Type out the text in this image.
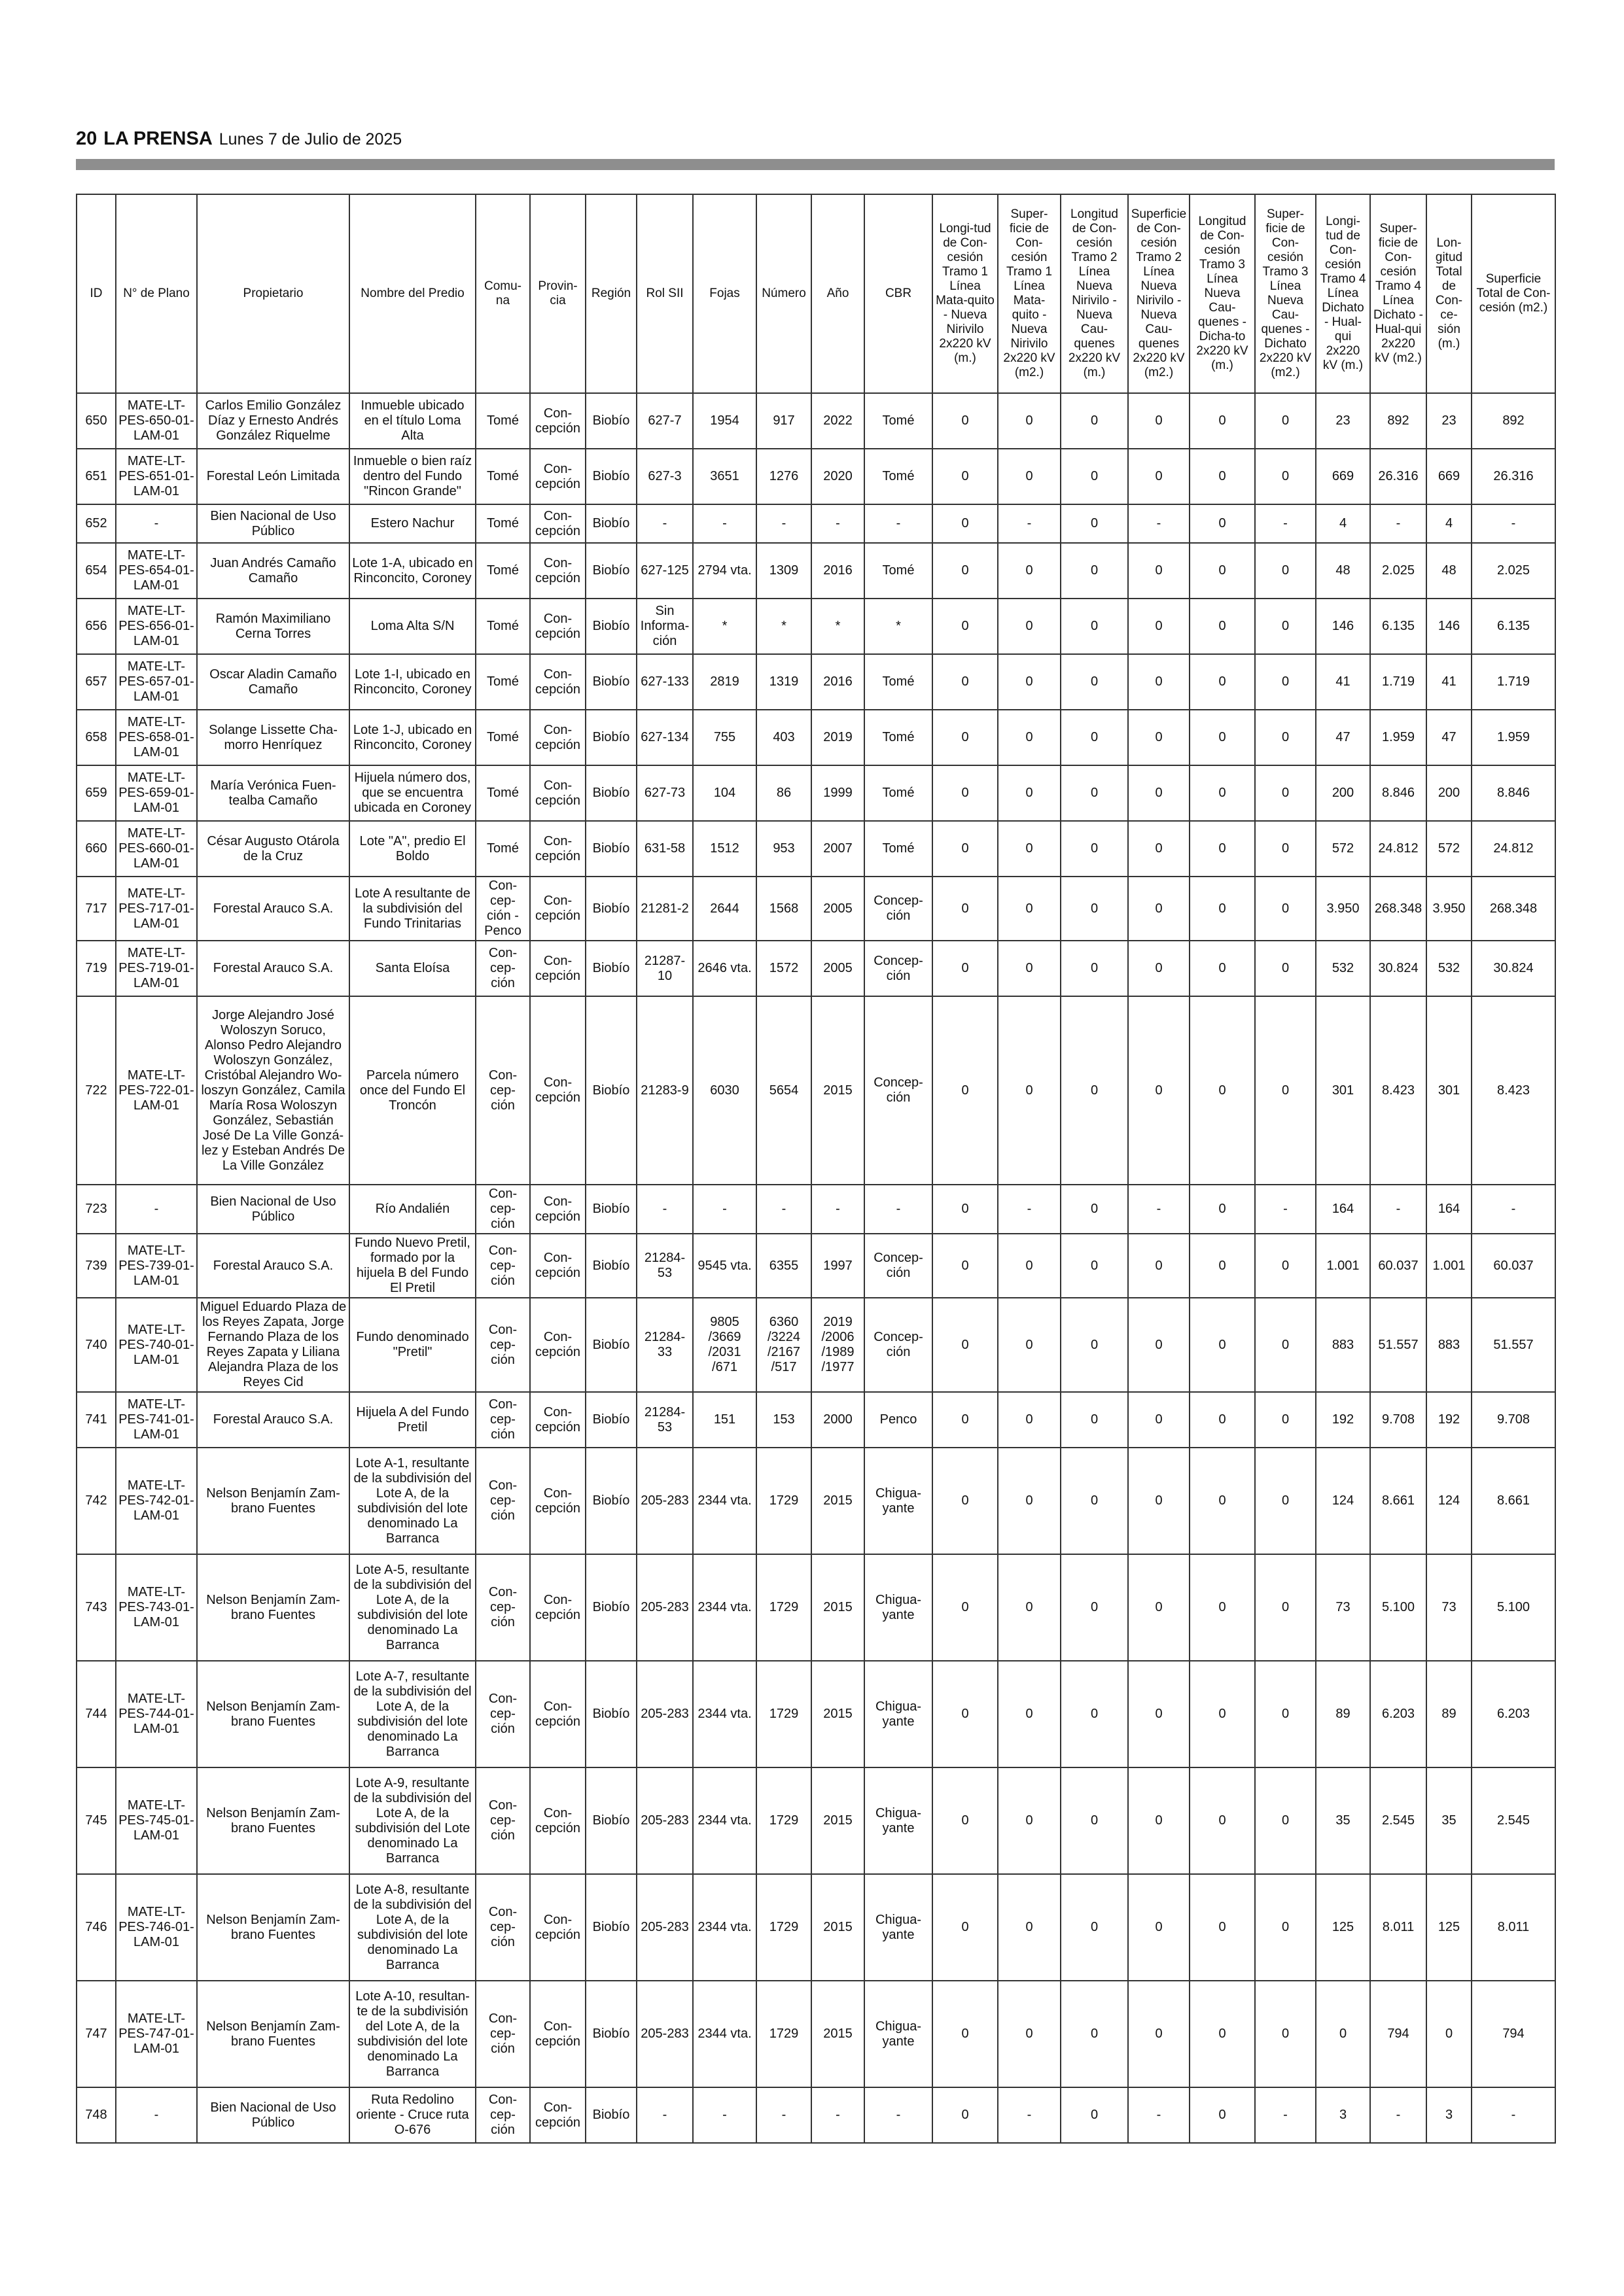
20 LA PRENSA Lunes 7 de Julio de 2025
ID	N° de Plano	Propietario	Nombre del Predio	Comu-na	Provin-cia	Región	Rol SII	Fojas	Número	Año	CBR	Longi-tud de Con-cesión Tramo 1 Línea Mata-quito - Nueva Nirivilo 2x220 kV (m.)	Super-ficie de Con-cesión Tramo 1 Línea Mata-quito - Nueva Nirivilo 2x220 kV (m2.)	Longitud de Con-cesión Tramo 2 Línea Nueva Nirivilo - Nueva Cau-quenes 2x220 kV (m.)	Superficie de Con-cesión Tramo 2 Línea Nueva Nirivilo - Nueva Cau-quenes 2x220 kV (m2.)	Longitud de Con-cesión Tramo 3 Línea Nueva Cau-quenes - Dicha-to 2x220 kV (m.)	Super-ficie de Con-cesión Tramo 3 Línea Nueva Cau-quenes - Dichato 2x220 kV (m2.)	Longi-tud de Con-cesión Tramo 4 Línea Dichato - Hual-qui 2x220 kV (m.)	Super-ficie de Con-cesión Tramo 4 Línea Dichato - Hual-qui 2x220 kV (m2.)	Lon-gitud Total de Con-ce-sión (m.)	Superficie Total de Con-cesión (m2.)
650	MATE-LT-PES-650-01-LAM-01	Carlos Emilio González Díaz y Ernesto Andrés González Riquelme	Inmueble ubicado en el título Loma Alta	Tomé	Con-cepción	Biobío	627-7	1954	917	2022	Tomé	0	0	0	0	0	0	23	892	23	892
651	MATE-LT-PES-651-01-LAM-01	Forestal León Limitada	Inmueble o bien raíz dentro del Fundo "Rincon Grande"	Tomé	Con-cepción	Biobío	627-3	3651	1276	2020	Tomé	0	0	0	0	0	0	669	26.316	669	26.316
652	-	Bien Nacional de Uso Público	Estero Nachur	Tomé	Con-cepción	Biobío	-	-	-	-	-	0	-	0	-	0	-	4	-	4	-
654	MATE-LT-PES-654-01-LAM-01	Juan Andrés Camaño Camaño	Lote 1-A, ubicado en Rinconcito, Coroney	Tomé	Con-cepción	Biobío	627-125	2794 vta.	1309	2016	Tomé	0	0	0	0	0	0	48	2.025	48	2.025
656	MATE-LT-PES-656-01-LAM-01	Ramón Maximiliano Cerna Torres	Loma Alta S/N	Tomé	Con-cepción	Biobío	Sin Informa-ción	*	*	*	*	0	0	0	0	0	0	146	6.135	146	6.135
657	MATE-LT-PES-657-01-LAM-01	Oscar Aladin Camaño Camaño	Lote 1-I, ubicado en Rinconcito, Coroney	Tomé	Con-cepción	Biobío	627-133	2819	1319	2016	Tomé	0	0	0	0	0	0	41	1.719	41	1.719
658	MATE-LT-PES-658-01-LAM-01	Solange Lissette Cha-morro Henríquez	Lote 1-J, ubicado en Rinconcito, Coroney	Tomé	Con-cepción	Biobío	627-134	755	403	2019	Tomé	0	0	0	0	0	0	47	1.959	47	1.959
659	MATE-LT-PES-659-01-LAM-01	María Verónica Fuen-tealba Camaño	Hijuela número dos, que se encuentra ubicada en Coroney	Tomé	Con-cepción	Biobío	627-73	104	86	1999	Tomé	0	0	0	0	0	0	200	8.846	200	8.846
660	MATE-LT-PES-660-01-LAM-01	César Augusto Otárola de la Cruz	Lote "A", predio El Boldo	Tomé	Con-cepción	Biobío	631-58	1512	953	2007	Tomé	0	0	0	0	0	0	572	24.812	572	24.812
717	MATE-LT-PES-717-01-LAM-01	Forestal Arauco S.A.	Lote A resultante de la subdivisión del Fundo Trinitarias	Con-cep-ción - Penco	Con-cepción	Biobío	21281-2	2644	1568	2005	Concep-ción	0	0	0	0	0	0	3.950	268.348	3.950	268.348
719	MATE-LT-PES-719-01-LAM-01	Forestal Arauco S.A.	Santa Eloísa	Con-cep-ción	Con-cepción	Biobío	21287-10	2646 vta.	1572	2005	Concep-ción	0	0	0	0	0	0	532	30.824	532	30.824
722	MATE-LT-PES-722-01-LAM-01	Jorge Alejandro José Woloszyn Soruco, Alonso Pedro Alejandro Woloszyn González, Cristóbal Alejandro Wo-loszyn González, Camila María Rosa Woloszyn González, Sebastián José De La Ville Gonzá-lez y Esteban Andrés De La Ville González	Parcela número once del Fundo El Troncón	Con-cep-ción	Con-cepción	Biobío	21283-9	6030	5654	2015	Concep-ción	0	0	0	0	0	0	301	8.423	301	8.423
723	-	Bien Nacional de Uso Público	Río Andalién	Con-cep-ción	Con-cepción	Biobío	-	-	-	-	-	0	-	0	-	0	-	164	-	164	-
739	MATE-LT-PES-739-01-LAM-01	Forestal Arauco S.A.	Fundo Nuevo Pretil, formado por la hijuela B del Fundo El Pretil	Con-cep-ción	Con-cepción	Biobío	21284-53	9545 vta.	6355	1997	Concep-ción	0	0	0	0	0	0	1.001	60.037	1.001	60.037
740	MATE-LT-PES-740-01-LAM-01	Miguel Eduardo Plaza de los Reyes Zapata, Jorge Fernando Plaza de los Reyes Zapata y Liliana Alejandra Plaza de los Reyes Cid	Fundo denominado "Pretil"	Con-cep-ción	Con-cepción	Biobío	21284-33	9805 /3669 /2031 /671	6360 /3224 /2167 /517	2019 /2006 /1989 /1977	Concep-ción	0	0	0	0	0	0	883	51.557	883	51.557
741	MATE-LT-PES-741-01-LAM-01	Forestal Arauco S.A.	Hijuela A del Fundo Pretil	Con-cep-ción	Con-cepción	Biobío	21284-53	151	153	2000	Penco	0	0	0	0	0	0	192	9.708	192	9.708
742	MATE-LT-PES-742-01-LAM-01	Nelson Benjamín Zam-brano Fuentes	Lote A-1, resultante de la subdivisión del Lote A, de la subdivisión del lote denominado La Barranca	Con-cep-ción	Con-cepción	Biobío	205-283	2344 vta.	1729	2015	Chigua-yante	0	0	0	0	0	0	124	8.661	124	8.661
743	MATE-LT-PES-743-01-LAM-01	Nelson Benjamín Zam-brano Fuentes	Lote A-5, resultante de la subdivisión del Lote A, de la subdivisión del lote denominado La Barranca	Con-cep-ción	Con-cepción	Biobío	205-283	2344 vta.	1729	2015	Chigua-yante	0	0	0	0	0	0	73	5.100	73	5.100
744	MATE-LT-PES-744-01-LAM-01	Nelson Benjamín Zam-brano Fuentes	Lote A-7, resultante de la subdivisión del Lote A, de la subdivisión del lote denominado La Barranca	Con-cep-ción	Con-cepción	Biobío	205-283	2344 vta.	1729	2015	Chigua-yante	0	0	0	0	0	0	89	6.203	89	6.203
745	MATE-LT-PES-745-01-LAM-01	Nelson Benjamín Zam-brano Fuentes	Lote A-9, resultante de la subdivisión del Lote A, de la subdivisión del Lote denominado La Barranca	Con-cep-ción	Con-cepción	Biobío	205-283	2344 vta.	1729	2015	Chigua-yante	0	0	0	0	0	0	35	2.545	35	2.545
746	MATE-LT-PES-746-01-LAM-01	Nelson Benjamín Zam-brano Fuentes	Lote A-8, resultante de la subdivisión del Lote A, de la subdivisión del lote denominado La Barranca	Con-cep-ción	Con-cepción	Biobío	205-283	2344 vta.	1729	2015	Chigua-yante	0	0	0	0	0	0	125	8.011	125	8.011
747	MATE-LT-PES-747-01-LAM-01	Nelson Benjamín Zam-brano Fuentes	Lote A-10, resultan-te de la subdivisión del Lote A, de la subdivisión del lote denominado La Barranca	Con-cep-ción	Con-cepción	Biobío	205-283	2344 vta.	1729	2015	Chigua-yante	0	0	0	0	0	0	0	794	0	794
748	-	Bien Nacional de Uso Público	Ruta Redolino oriente - Cruce ruta O-676	Con-cep-ción	Con-cepción	Biobío	-	-	-	-	-	0	-	0	-	0	-	3	-	3	-
